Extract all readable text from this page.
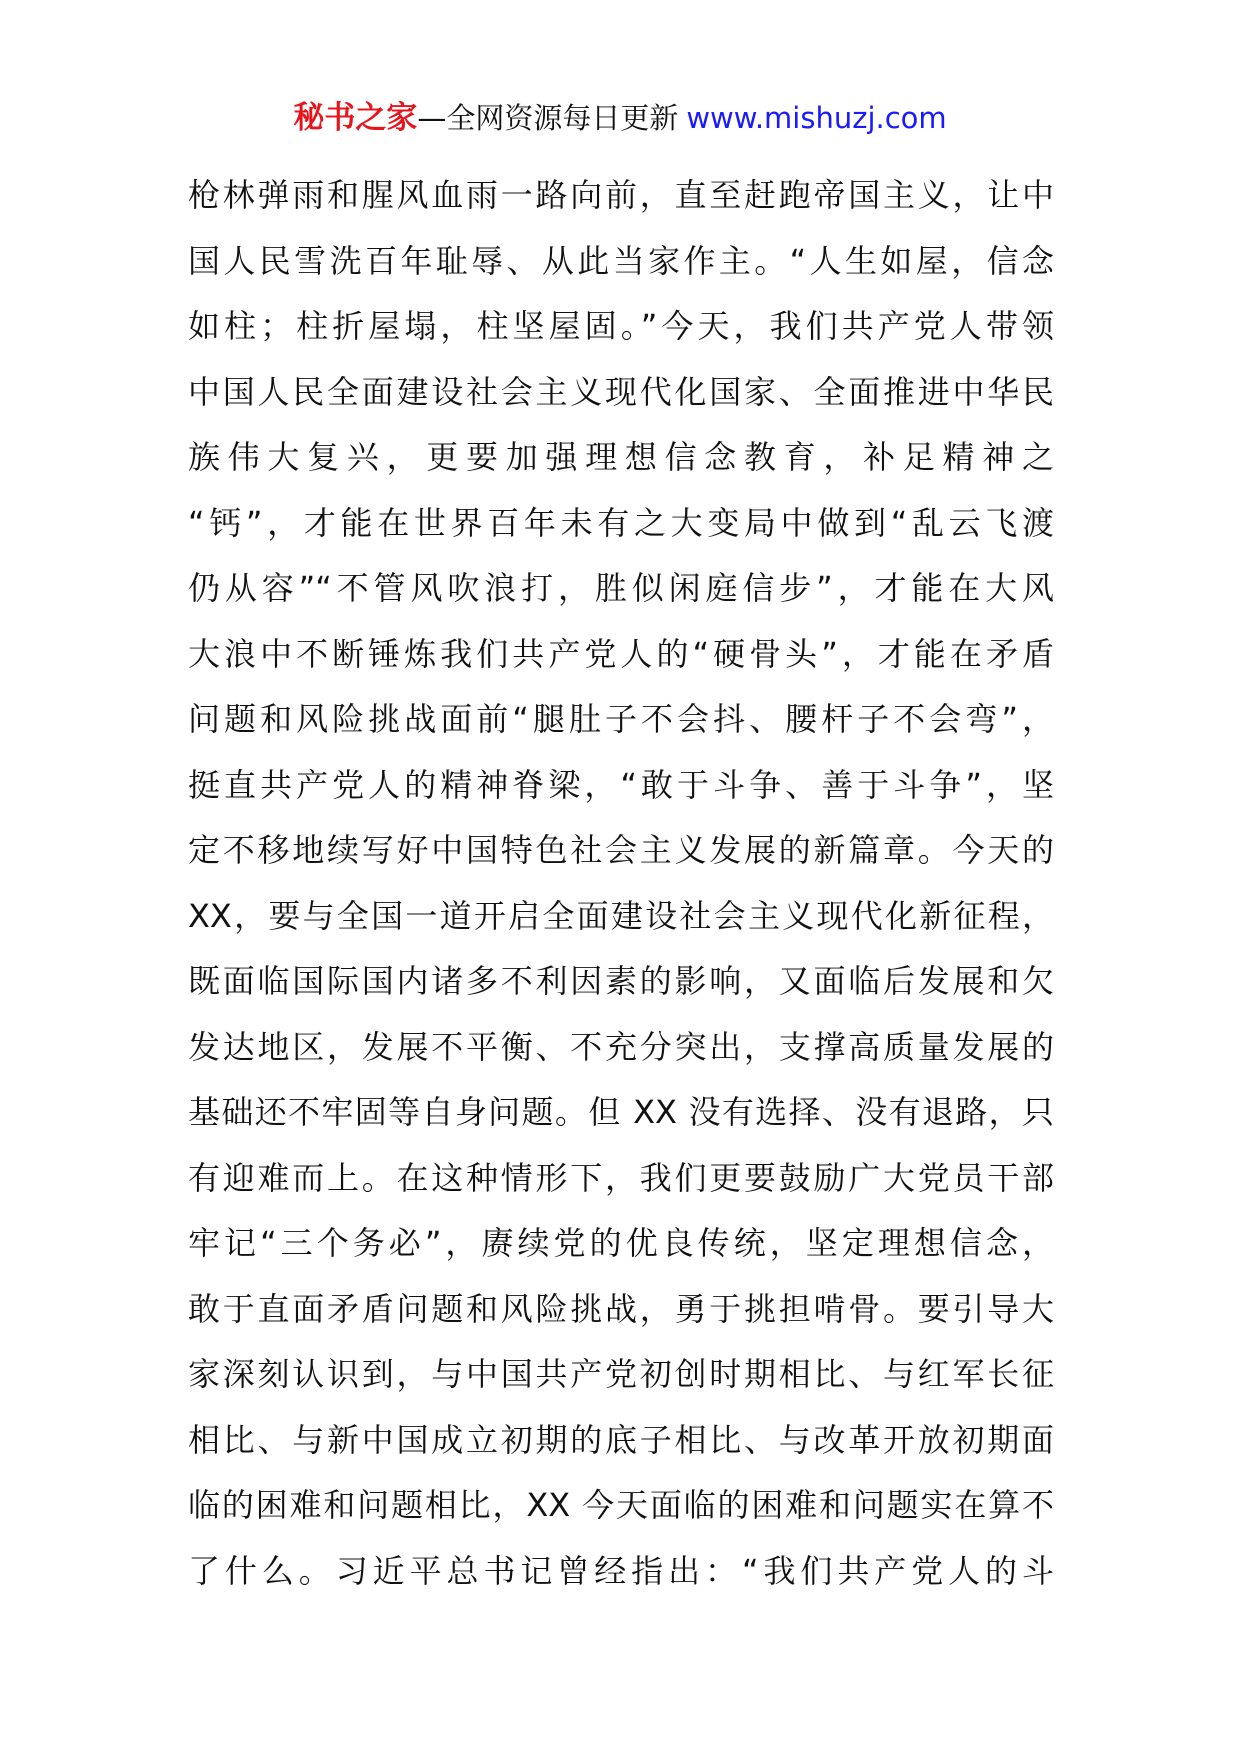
秘书之家—全网资源每日更新 www.mishuzj.com
枪林弹雨和腥风血雨一路向前，直至赶跑帝国主义，让中
国人民雪洗百年耻辱、从此当家作主。“人生如屋，信念
如柱；柱折屋塌，柱坚屋固。”今天，我们共产党人带领
中国人民全面建设社会主义现代化国家、全面推进中华民
族伟大复兴，更要加强理想信念教育，补足精神之
“钙”，才能在世界百年未有之大变局中做到“乱云飞渡
仍从容”“不管风吹浪打，胜似闲庭信步”，才能在大风
大浪中不断锤炼我们共产党人的“硬骨头”，才能在矛盾
问题和风险挑战面前“腿肚子不会抖、腰杆子不会弯”，
挺直共产党人的精神脊梁，“敢于斗争、善于斗争”，坚
定不移地续写好中国特色社会主义发展的新篇章。今天的
XX，要与全国一道开启全面建设社会主义现代化新征程，
既面临国际国内诸多不利因素的影响，又面临后发展和欠
发达地区，发展不平衡、不充分突出，支撑高质量发展的
基础还不牢固等自身问题。但 XX 没有选择、没有退路，只
有迎难而上。在这种情形下，我们更要鼓励广大党员干部
牢记“三个务必”，赓续党的优良传统，坚定理想信念，
敢于直面矛盾问题和风险挑战，勇于挑担啃骨。要引导大
家深刻认识到，与中国共产党初创时期相比、与红军长征
相比、与新中国成立初期的底子相比、与改革开放初期面
临的困难和问题相比，XX 今天面临的困难和问题实在算不
了什么。习近平总书记曾经指出：“我们共产党人的斗
